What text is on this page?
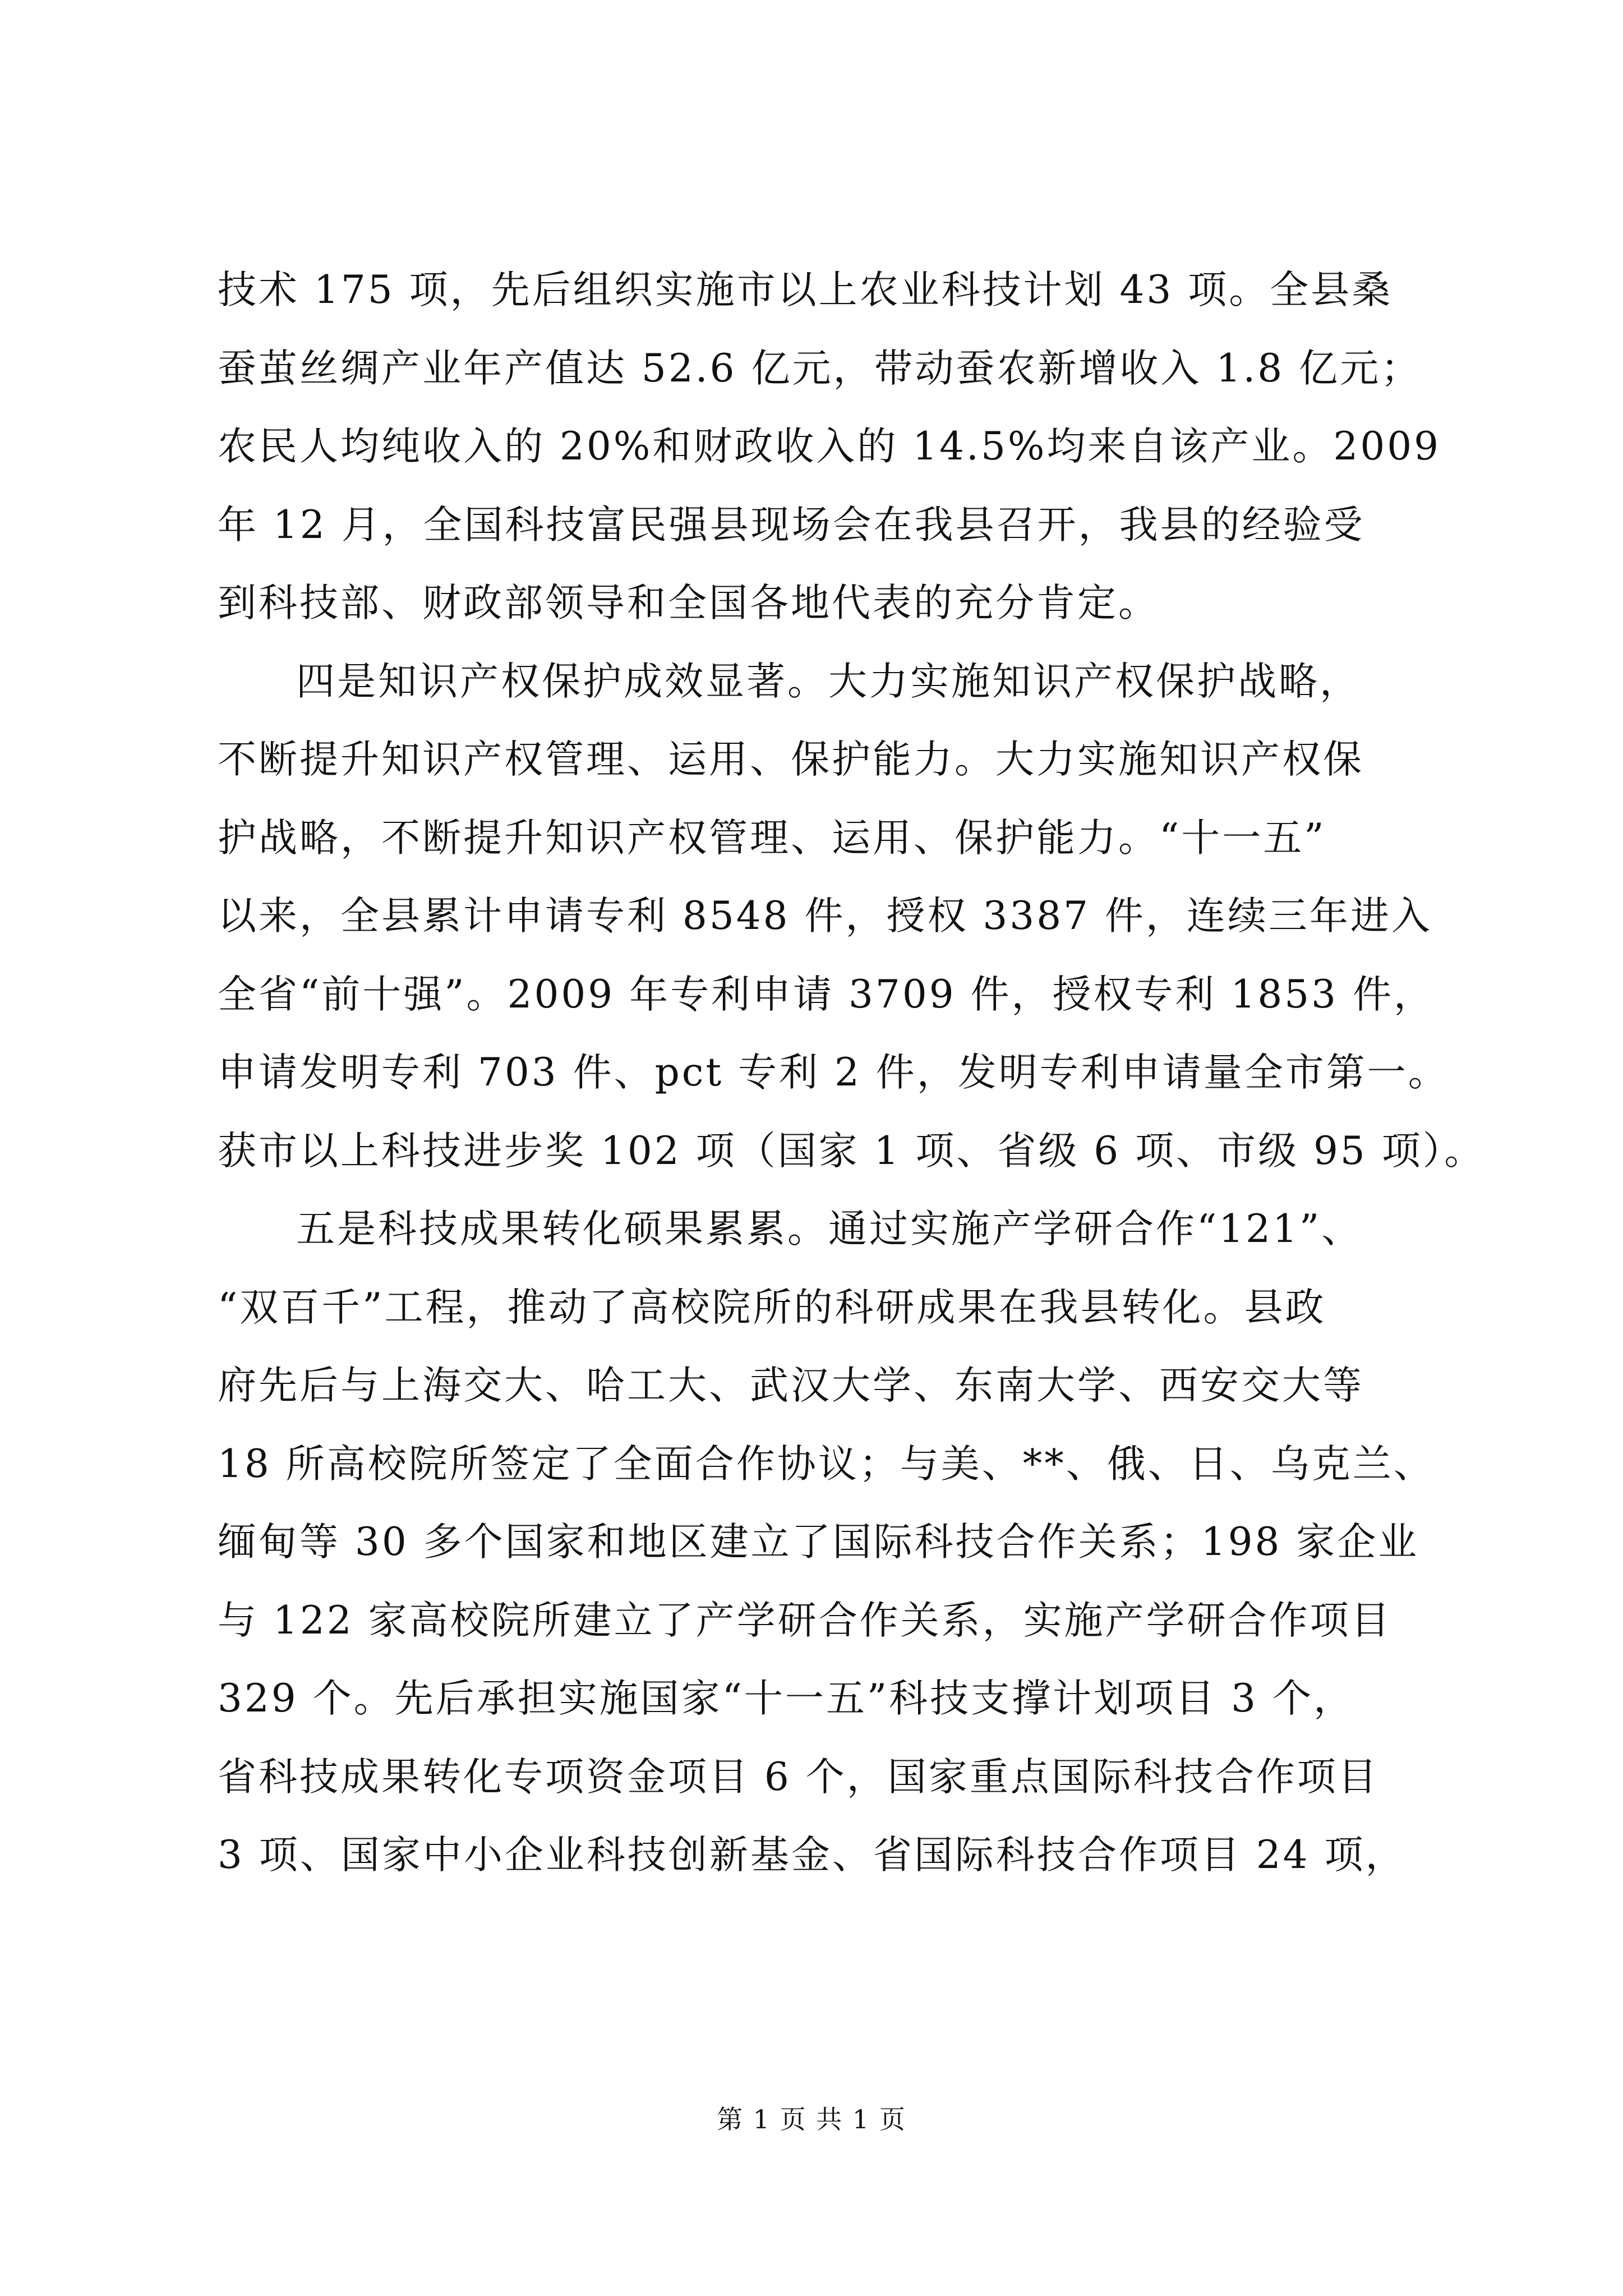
技术 175 项，先后组织实施市以上农业科技计划 43 项。全县桑
蚕茧丝绸产业年产值达 52.6 亿元，带动蚕农新增收入 1.8 亿元；
农民人均纯收入的 20%和财政收入的 14.5%均来自该产业。2009
年 12 月，全国科技富民强县现场会在我县召开，我县的经验受
到科技部、财政部领导和全国各地代表的充分肯定。
四是知识产权保护成效显著。大力实施知识产权保护战略，
不断提升知识产权管理、运用、保护能力。大力实施知识产权保
护战略，不断提升知识产权管理、运用、保护能力。“十一五”
以来，全县累计申请专利 8548 件，授权 3387 件，连续三年进入
全省“前十强”。2009 年专利申请 3709 件，授权专利 1853 件，
申请发明专利 703 件、pct 专利 2 件，发明专利申请量全市第一。
获市以上科技进步奖 102 项（国家 1 项、省级 6 项、市级 95 项）。
五是科技成果转化硕果累累。通过实施产学研合作“121”、
“双百千”工程，推动了高校院所的科研成果在我县转化。县政
府先后与上海交大、哈工大、武汉大学、东南大学、西安交大等
18 所高校院所签定了全面合作协议；与美、**、俄、日、乌克兰、
缅甸等 30 多个国家和地区建立了国际科技合作关系；198 家企业
与 122 家高校院所建立了产学研合作关系，实施产学研合作项目
329 个。先后承担实施国家“十一五”科技支撑计划项目 3 个，
省科技成果转化专项资金项目 6 个，国家重点国际科技合作项目
3 项、国家中小企业科技创新基金、省国际科技合作项目 24 项，
第 1 页 共 1 页
